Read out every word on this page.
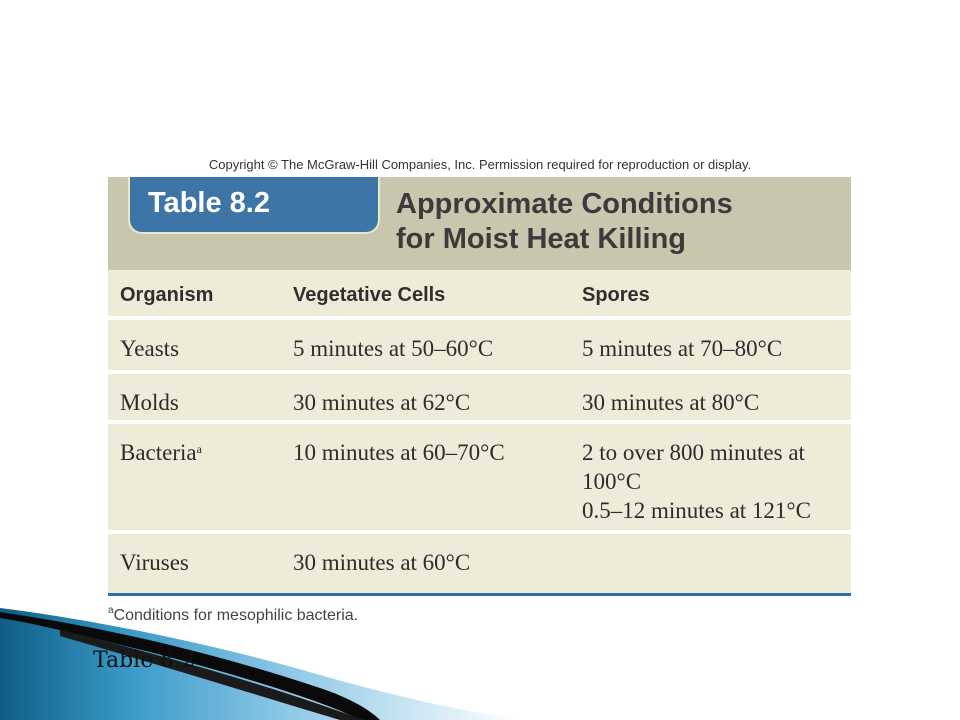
Copyright © The McGraw-Hill Companies, Inc. Permission required for reproduction or display.
Table 8.2	Approximate Conditions
for Moist Heat Killing
Organism	Vegetative Cells	Spores
Yeasts	5 minutes at 50–60°C	5 minutes at 70–80°C
Molds	30 minutes at 62°C	30 minutes at 80°C
Bacteria$^a$	10 minutes at 60–70°C	2 to over 800 minutes at
100°C
0.5–12 minutes at 121°C
Viruses	30 minutes at 60°C
$^a$Conditions for mesophilic bacteria.
Table 8.2
